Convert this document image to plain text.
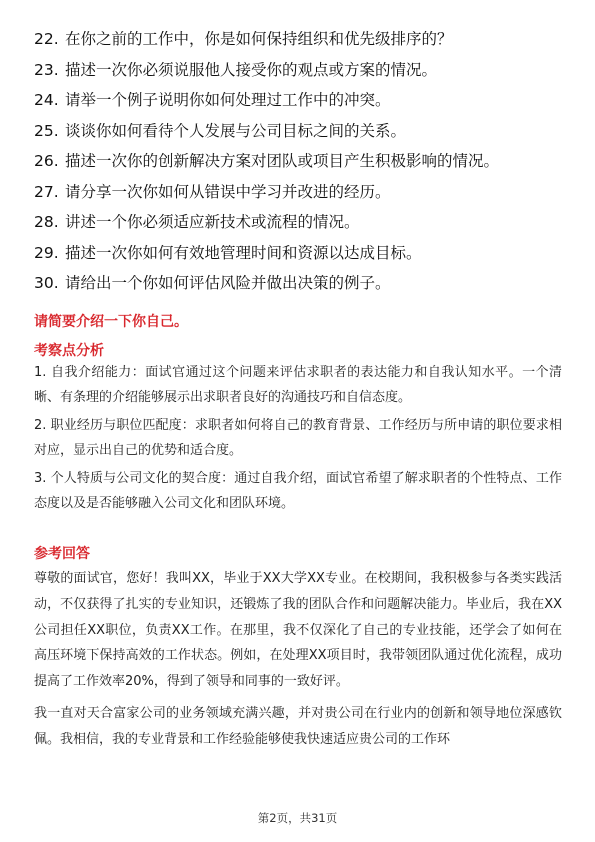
22. 在你之前的工作中，你是如何保持组织和优先级排序的？
23. 描述一次你必须说服他人接受你的观点或方案的情况。
24. 请举一个例子说明你如何处理过工作中的冲突。
25. 谈谈你如何看待个人发展与公司目标之间的关系。
26. 描述一次你的创新解决方案对团队或项目产生积极影响的情况。
27. 请分享一次你如何从错误中学习并改进的经历。
28. 讲述一个你必须适应新技术或流程的情况。
29. 描述一次你如何有效地管理时间和资源以达成目标。
30. 请给出一个你如何评估风险并做出决策的例子。
请简要介绍一下你自己。
考察点分析

1. 自我介绍能力：面试官通过这个问题来评估求职者的表达能力和自我认知水平。一个清晰、有条理的介绍能够展示出求职者良好的沟通技巧和自信态度。

2. 职业经历与职位匹配度：求职者如何将自己的教育背景、工作经历与所申请的职位要求相对应，显示出自己的优势和适合度。

3. 个人特质与公司文化的契合度：通过自我介绍，面试官希望了解求职者的个性特点、工作态度以及是否能够融入公司文化和团队环境。

参考回答

尊敬的面试官，您好！我叫XX，毕业于XX大学XX专业。在校期间，我积极参与各类实践活动，不仅获得了扎实的专业知识，还锻炼了我的团队合作和问题解决能力。毕业后，我在XX公司担任XX职位，负责XX工作。在那里，我不仅深化了自己的专业技能，还学会了如何在高压环境下保持高效的工作状态。例如，在处理XX项目时，我带领团队通过优化流程，成功提高了工作效率20%，得到了领导和同事的一致好评。

我一直对天合富家公司的业务领域充满兴趣，并对贵公司在行业内的创新和领导地位深感钦佩。我相信，我的专业背景和工作经验能够使我快速适应贵公司的工作环

第2页，共31页
